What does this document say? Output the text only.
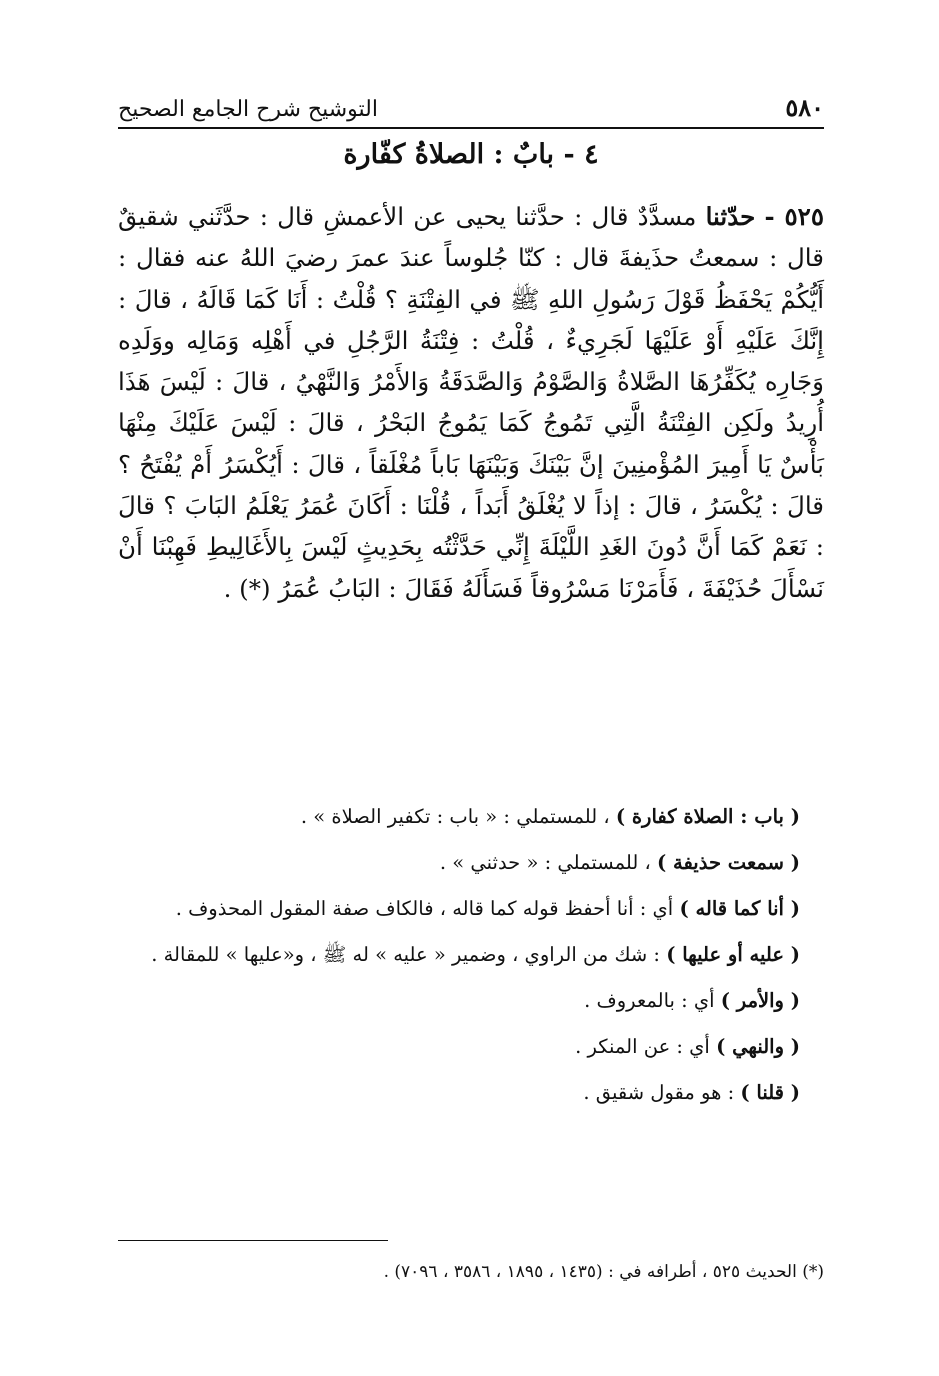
٥٨٠
التوشيح شرح الجامع الصحيح
٤ - بابٌ : الصلاةُ كفّارة
٥٢٥ - حدّثنا مسدَّدٌ قال : حدَّثنا يحيى عن الأعمشِ قال : حدَّثَني شقيقٌ قال : سمعتُ حذَيفةَ قال : كنّا جُلوساً عندَ عمرَ رضيَ اللهُ عنه فقال : أَيُّكُمْ يَحْفَظُ قَوْلَ رَسُولِ اللهِ ﷺ في الفِتْنَةِ ؟ قُلْتُ : أَنَا كَمَا قَالَهُ ، قالَ : إِنَّكَ عَلَيْهِ أَوْ عَلَيْهَا لَجَرِيءٌ ، قُلْتُ : فِتْنَةُ الرَّجُلِ في أَهْلِه وَمَالِه ووَلَدِه وَجَارِه يُكَفِّرُهَا الصَّلاةُ وَالصَّوْمُ وَالصَّدَقَةُ وَالأَمْرُ وَالنَّهْيُ ، قالَ : لَيْسَ هَذَا أُرِيدُ ولَكِن الفِتْنَةُ الَّتِي تَمُوجُ كَمَا يَمُوجُ البَحْرُ ، قالَ : لَيْسَ عَلَيْكَ مِنْهَا بَأْسٌ يَا أَمِيرَ المُؤْمنِينَ إنَّ بَيْنَكَ وَبَيْنَهَا بَاباً مُغْلَقاً ، قالَ : أَيُكْسَرُ أَمْ يُفْتَحُ ؟ قالَ : يُكْسَرُ ، قالَ : إذاً لا يُغْلَقُ أَبَداً ، قُلْنَا : أَكَانَ عُمَرُ يَعْلَمُ البَابَ ؟ قالَ : نَعَمْ كَمَا أَنَّ دُونَ الغَدِ اللَّيْلَةَ إِنِّي حَدَّثْتُه بِحَدِيثٍ لَيْسَ بِالأَغَالِيطِ فَهِبْنَا أَنْ نَسْأَلَ حُذَيْفَةَ ، فَأَمَرْنَا مَسْرُوقاً فَسَأَلَهُ فَقَالَ : البَابُ عُمَرُ (*) .

( باب : الصلاة كفارة ) ، للمستملي : « باب : تكفير الصلاة » .

( سمعت حذيفة ) ، للمستملي : « حدثني » .

( أنا كما قاله ) أي : أنا أحفظ قوله كما قاله ، فالكاف صفة المقول المحذوف .

( عليه أو عليها ) : شك من الراوي ، وضمير « عليه » له ﷺ ، و«عليها » للمقالة .

( والأمر ) أي : بالمعروف .

( والنهي ) أي : عن المنكر .

( قلنا ) : هو مقول شقيق .

(*) الحديث ٥٢٥ ، أطرافه في : (١٤٣٥ ، ١٨٩٥ ، ٣٥٨٦ ، ٧٠٩٦) .
